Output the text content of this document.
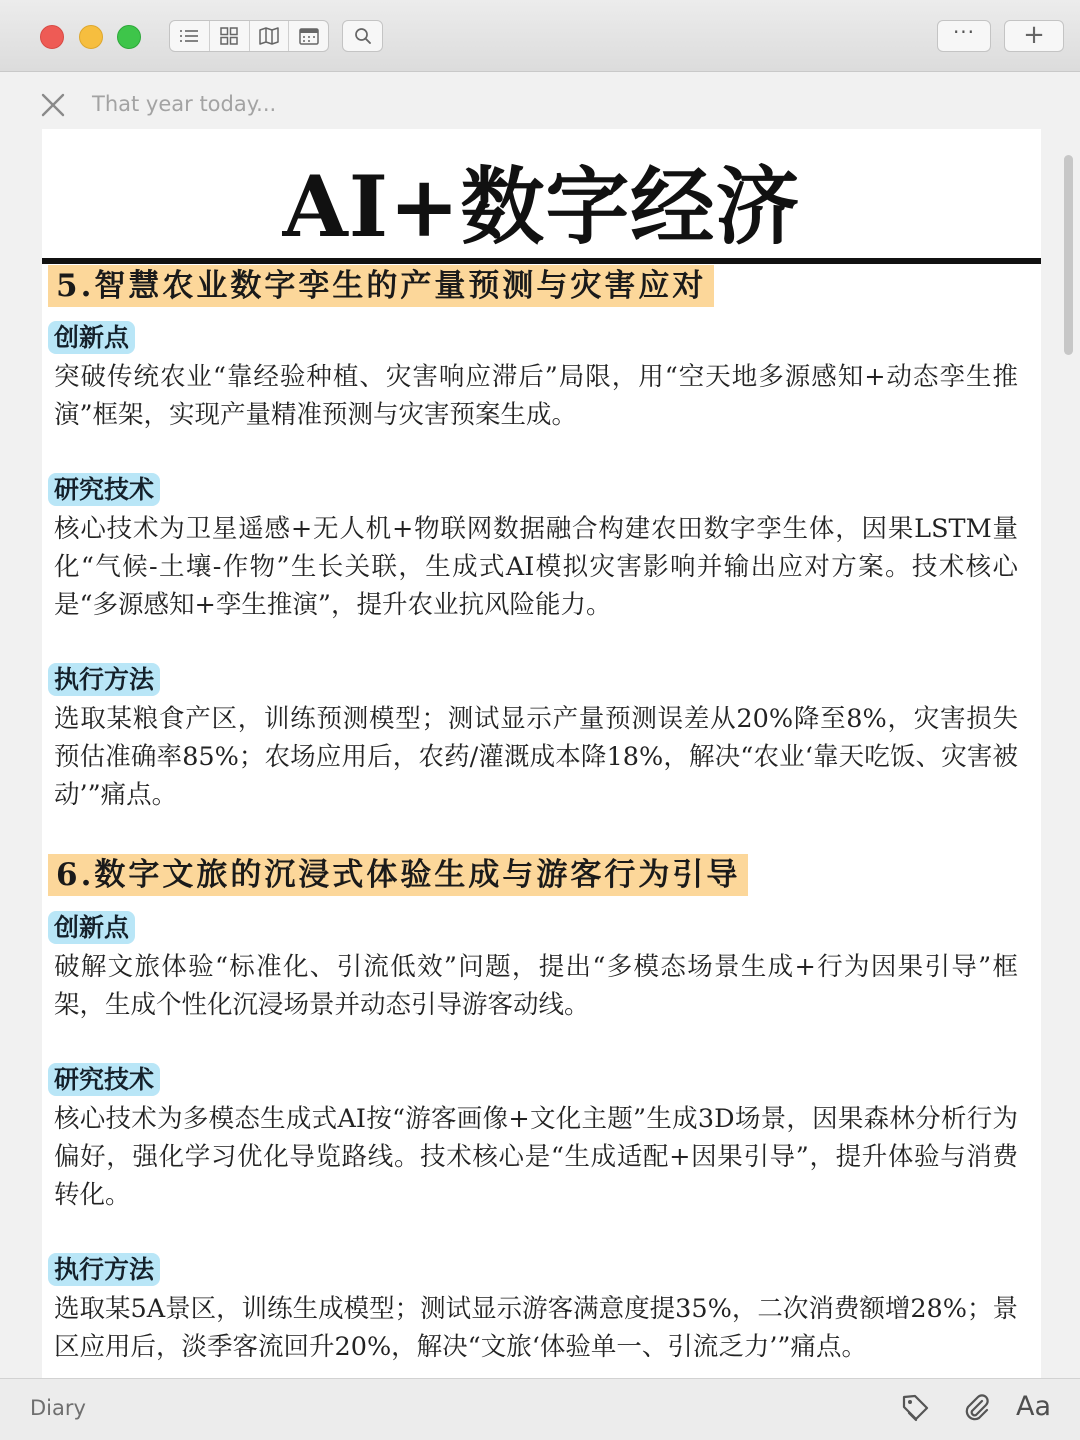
··· +
That year today...
AI+数字经济
5.智慧农业数字孪生的产量预测与灾害应对
创新点
突破传统农业“靠经验种植、灾害响应滞后”局限，用“空天地多源感知+动态孪生推演”框架，实现产量精准预测与灾害预案生成。
研究技术
核心技术为卫星遥感+无人机+物联网数据融合构建农田数字孪生体，因果LSTM量化“气候-土壤-作物”生长关联，生成式AI模拟灾害影响并输出应对方案。技术核心是“多源感知+孪生推演”，提升农业抗风险能力。
执行方法
选取某粮食产区，训练预测模型；测试显示产量预测误差从20%降至8%，灾害损失预估准确率85%；农场应用后，农药/灌溉成本降18%，解决“农业‘靠天吃饭、灾害被动’”痛点。
6.数字文旅的沉浸式体验生成与游客行为引导
创新点
破解文旅体验“标准化、引流低效”问题，提出“多模态场景生成+行为因果引导”框架，生成个性化沉浸场景并动态引导游客动线。
研究技术
核心技术为多模态生成式AI按“游客画像+文化主题”生成3D场景，因果森林分析行为偏好，强化学习优化导览路线。技术核心是“生成适配+因果引导”，提升体验与消费转化。
执行方法
选取某5A景区，训练生成模型；测试显示游客满意度提35%，二次消费额增28%；景区应用后，淡季客流回升20%，解决“文旅‘体验单一、引流乏力’”痛点。
Diary	Aa
